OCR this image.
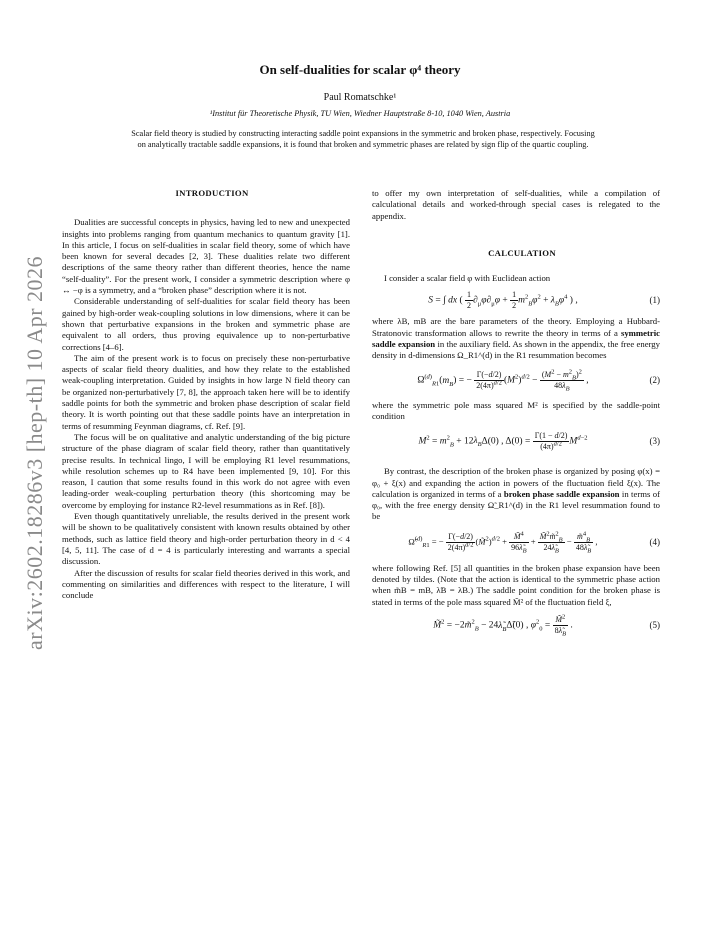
arXiv:2602.18286v3 [hep-th] 10 Apr 2026
On self-dualities for scalar φ⁴ theory
Paul Romatschke¹
¹Institut für Theoretische Physik, TU Wien, Wiedner Hauptstraße 8-10, 1040 Wien, Austria
Scalar field theory is studied by constructing interacting saddle point expansions in the symmetric and broken phase, respectively. Focusing on analytically tractable saddle expansions, it is found that broken and symmetric phases are related by sign flip of the quartic coupling.

INTRODUCTION

Dualities are successful concepts in physics, having led to new and unexpected insights into problems ranging from quantum mechanics to quantum gravity [1]. In this article, I focus on self-dualities in scalar field theory, some of which have been known for several decades [2, 3]. These dualities relate two different descriptions of the same theory rather than different theories, hence the name “self-duality”. For the present work, I consider a symmetric description where φ ↔ −φ is a symmetry, and a “broken phase” description where it is not.

Considerable understanding of self-dualities for scalar field theory has been gained by high-order weak-coupling solutions in low dimensions, where it can be shown that perturbative expansions in the broken and symmetric phase are equivalent to all orders, thus proving equivalence up to non-perturbative corrections [4–6].

The aim of the present work is to focus on precisely these non-perturbative aspects of scalar field theory dualities, and how they relate to the established weak-coupling interpretation. Guided by insights in how large N field theory can be organized non-perturbatively [7, 8], the approach taken here will be to identify saddle points for both the symmetric and broken phase description of scalar field theory. It is worth pointing out that these saddle points have an interpretation in terms of resumming Feynman diagrams, cf. Ref. [9].

The focus will be on qualitative and analytic understanding of the big picture structure of the phase diagram of scalar field theory, rather than quantitatively precise results. In technical lingo, I will be employing R1 level resummations, while resolution schemes up to R4 have been implemented [9, 10]. For this reason, I caution that some results found in this work do not agree with even leading-order weak-coupling perturbation theory (this shortcoming may be overcome by employing for instance R2-level resummations as in Ref. [8]).

Even though quantitatively unreliable, the results derived in the present work will be shown to be qualitatively consistent with known results obtained by other methods, such as lattice field theory and high-order perturbation theory in d < 4 [4, 5, 11]. The case of d = 4 is particularly interesting and warrants a special discussion.

After the discussion of results for scalar field theories derived in this work, and commenting on similarities and differences with respect to the literature, I will conclude

to offer my own interpretation of self-dualities, while a compilation of calculational details and worked-through special cases is relegated to the appendix.

CALCULATION

I consider a scalar field φ with Euclidean action

S = ∫ dx ( $\frac{1}{2} \partial_\mu\varphi\partial_\mu\varphi + \frac{1}{2} m^2_B\varphi^2 + \lambda_B\varphi^4$ ) ,	(1)

where λB, mB are the bare parameters of the theory. Employing a Hubbard-Stratonovic transformation allows to rewrite the theory in terms of a symmetric saddle expansion in the auxiliary field. As shown in the appendix, the free energy density in d-dimensions Ω_R1^(d) in the R1 resummation becomes

$\Omega^{(d)}_{R1}(m_B)$ = − $\frac{\Gamma(-d/2)}{2(4\pi)^{d/2}} (M^2)^{d/2} - \frac{(M^2 - m^2_B)^2}{48\lambda_B}$ ,	(2)

where the symmetric pole mass squared M² is specified by the saddle-point condition

$M^2 = m^2_B + 12\lambda_B\Delta(0)$ , $\Delta(0) = \frac{\Gamma(1 - d/2)}{(4\pi)^{d/2}} M^{d-2}$	(3)

By contrast, the description of the broken phase is organized by posing φ(x) = φ₀ + ξ(x) and expanding the action in powers of the fluctuation field ξ(x). The calculation is organized in terms of a broken phase saddle expansion in terms of φ₀, with the free energy density Ω̃_R1^(d) in the R1 level resummation found to be

Ω̃$^{(d)}_{R1}$ = − $\frac{\Gamma(-d/2)}{2(4\pi)^{d/2}}$ (M̃$^2$)$^{d/2}$ + $\frac{M̃^4}{96\lambdã_B} + \frac{M̃^2m̃^2_B}{24\lambdã_B} - \frac{m̃^4_B}{48\lambdã_B}$ ,	(4)

where following Ref. [5] all quantities in the broken phase expansion have been denoted by tildes. (Note that the action is identical to the symmetric phase action when m̃B = mB, λ̃B = λB.) The saddle point condition for the broken phase is stated in terms of the pole mass squared M̃² of the fluctuation field ξ,

M̃$^2$ = −2m̃$^2_B$ − $24\lambdã_B\Deltã(0)$ , $\varphi^2_0 = \frac{M̃^2}{8\lambdã_B}$ .	(5)
